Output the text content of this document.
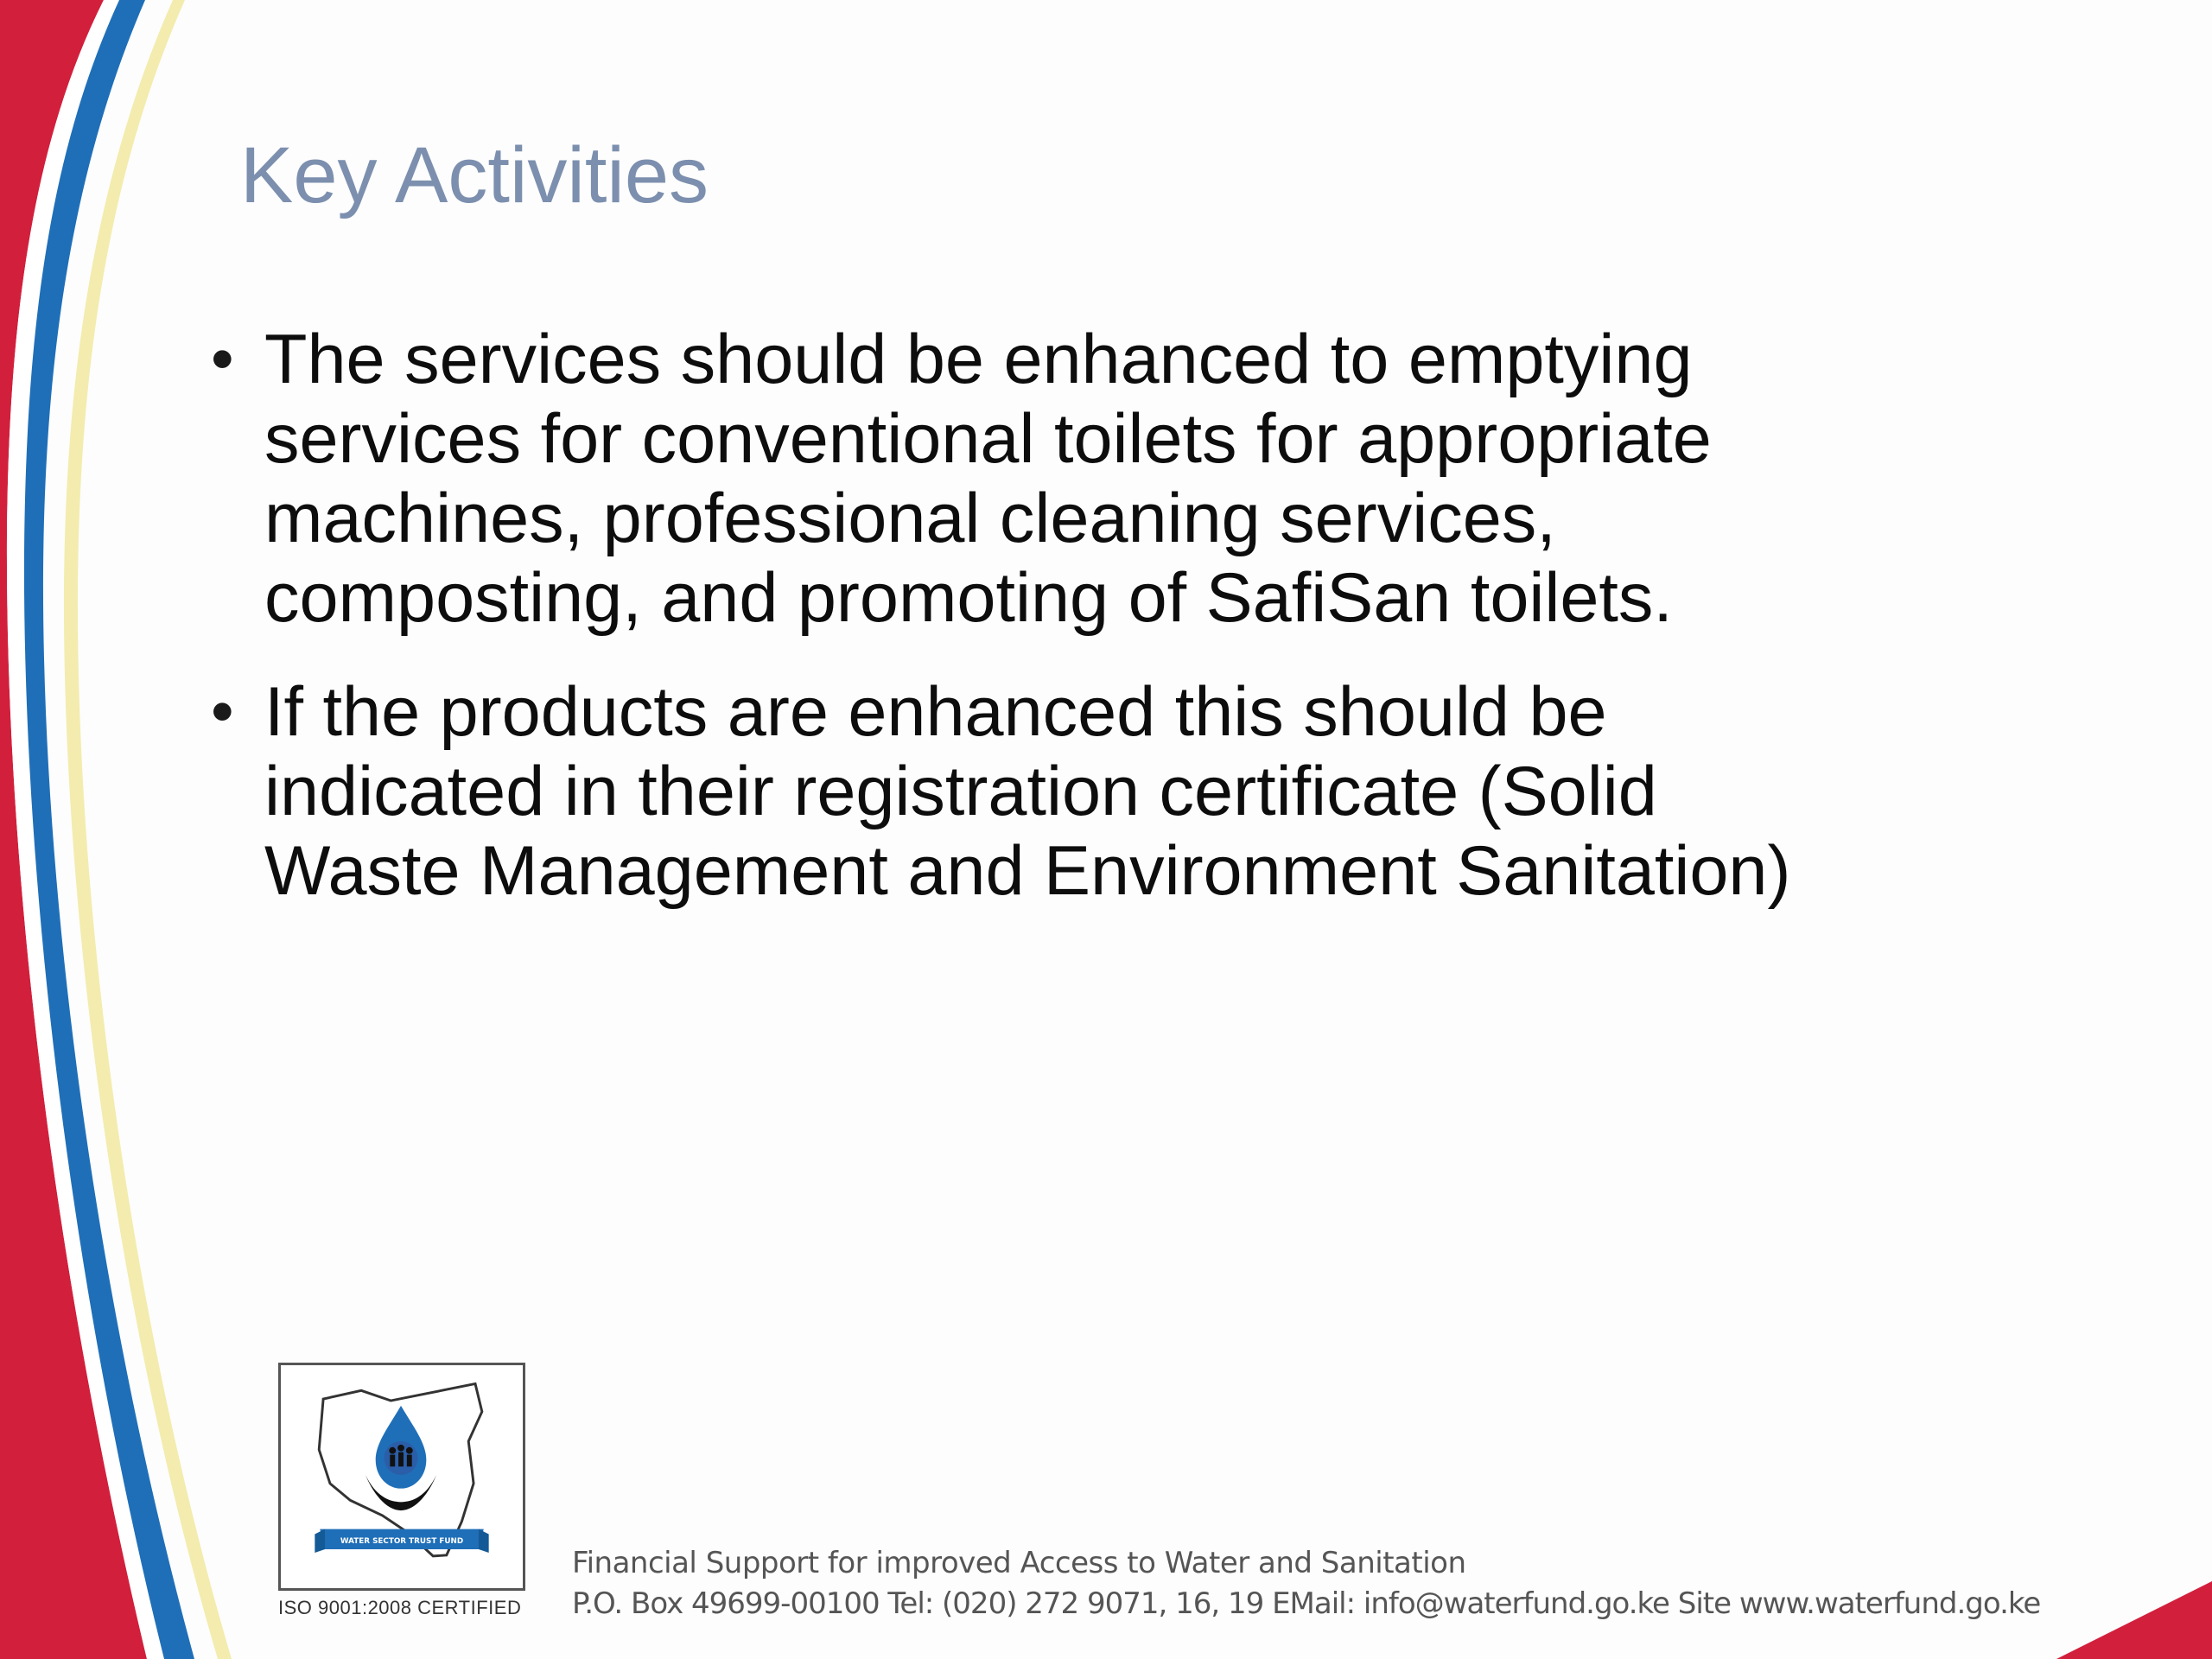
Key Activities
• The services should be enhanced to emptying services for conventional toilets for appropriate machines, professional cleaning services, composting, and promoting of SafiSan toilets.
• If the products are enhanced this should be indicated in their registration certificate (Solid Waste Management and Environment Sanitation)
WATER SECTOR TRUST FUND
ISO 9001:2008 CERTIFIED
Financial Support for improved Access to Water and Sanitation
P.O. Box 49699-00100 Tel: (020) 272 9071, 16, 19 EMail: info@waterfund.go.ke Site www.waterfund.go.ke
